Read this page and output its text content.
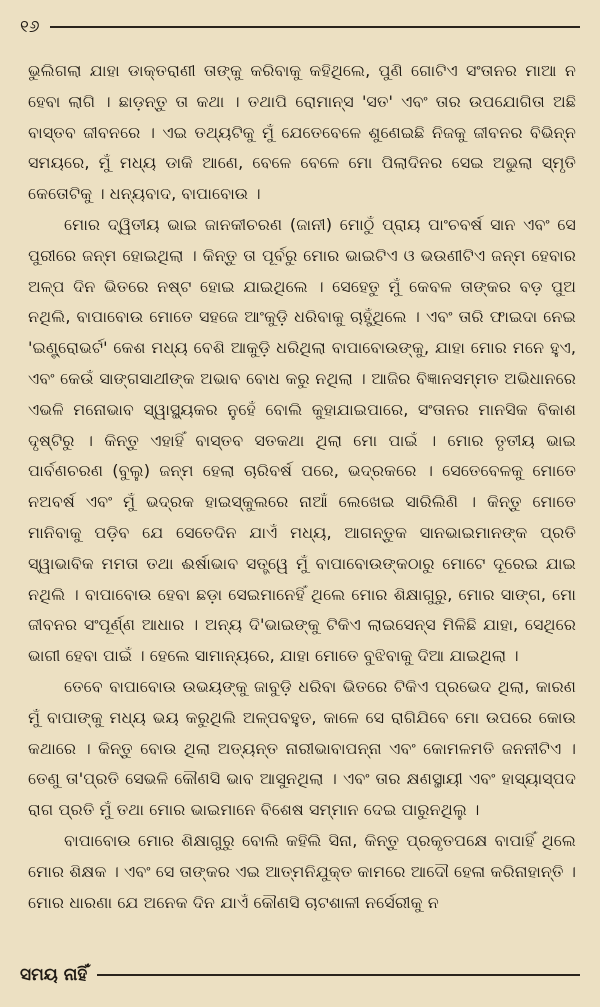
୧୬

ଭୁଲିଗଲା ଯାହା ଡାକ୍ତରାଣୀ ତାଙ୍କୁ କରିବାକୁ କହିଥିଲେ, ପୁଣି ଗୋଟିଏ ସଂତାନର ମାଆ ନ ହେବା ଲାଗି । ଛାଡ଼ନ୍ତୁ ତା କଥା । ତଥାପି ରୋମାନ୍ସ 'ସତ' ଏବଂ ତାର ଉପଯୋଗିତା ଅଛି ବାସ୍ତବ ଜୀବନରେ । ଏଇ ତଥ୍ୟଟିକୁ ମୁଁ ଯେତେବେଳେ ଶୁଣେଇଛି ନିଜକୁ ଜୀବନର ବିଭିନ୍ନ ସମୟରେ, ମୁଁ ମଧ୍ୟ ଡାକି ଆଣେ, ବେଳେ ବେଳେ ମୋ ପିଲାଦିନର ସେଇ ଅଭୁଲା ସ୍ମୃତି କେତୋଟିକୁ । ଧନ୍ୟବାଦ, ବାପାବୋଉ ।

ମୋର ଦ୍ୱିତୀୟ ଭାଇ ଜାନକୀଚରଣ (ଜାନୀ) ମୋଠୁଁ ପ୍ରାୟ ପାଂଚବର୍ଷ ସାନ ଏବଂ ସେ ପୁରୀରେ ଜନ୍ମ ହୋଇଥିଲା । କିନ୍ତୁ ତା ପୂର୍ବରୁ ମୋର ଭାଇଟିଏ ଓ ଭଉଣୀଟିଏ ଜନ୍ମ ହେବାର ଅଳ୍ପ ଦିନ ଭିତରେ ନଷ୍ଟ ହୋଇ ଯାଇଥିଲେ । ସେହେତୁ ମୁଁ କେବଳ ତାଙ୍କର ବଡ଼ ପୁଅ ନଥିଲି, ବାପାବୋଉ ମୋତେ ସହଜେ ଆଂକୁଡ଼ି ଧରିବାକୁ ଚାହୁଁଥିଲେ । ଏବଂ ତାରି ଫାଇଦା ନେଇ 'ଇଣ୍ଟ୍ରୋଭର୍ଟ' କେଶ ମଧ୍ୟ ବେଶି ଆକୁଡ଼ି ଧରିଥିଲା ବାପାବୋଉଙ୍କୁ, ଯାହା ମୋର ମନେ ହୁଏ, ଏବଂ କେଉଁ ସାଙ୍ଗସାଥୀଙ୍କ ଅଭାବ ବୋଧ କରୁ ନଥିଲା । ଆଜିର ବିଜ୍ଞାନସମ୍ମତ ଅଭିଧାନରେ ଏଭଳି ମନୋଭାବ ସ୍ୱାସ୍ଥ୍ୟକର ନୁହେଁ ବୋଲି କୁହାଯାଇପାରେ, ସଂତାନର ମାନସିକ ବିକାଶ ଦୃଷ୍ଟିରୁ । କିନ୍ତୁ ଏହାହିଁ ବାସ୍ତବ ସତକଥା ଥିଲା ମୋ ପାଇଁ । ମୋର ତୃତୀୟ ଭାଇ ପାର୍ବଣଚରଣ (ବୁଲୁ) ଜନ୍ମ ହେଲା ଚାରିବର୍ଷ ପରେ, ଭଦ୍ରକରେ । ସେତେବେଳକୁ ମୋତେ ନଅବର୍ଷ ଏବଂ ମୁଁ ଭଦ୍ରକ ହାଇସ୍କୁଲରେ ନାଆଁ ଲେଖେଇ ସାରିଲିଣି । କିନ୍ତୁ ମୋତେ ମାନିବାକୁ ପଡ଼ିବ ଯେ ସେତେଦିନ ଯାଏଁ ମଧ୍ୟ, ଆଗନ୍ତୁକ ସାନଭାଇମାନଙ୍କ ପ୍ରତି ସ୍ୱାଭାବିକ ମମତା ତଥା ଈର୍ଷାଭାବ ସତ୍ତ୍ୱେ ମୁଁ ବାପାବୋଉଙ୍କଠାରୁ ମୋଟେ ଦୂରେଇ ଯାଇ ନଥିଲି । ବାପାବୋଉ ହେବା ଛଡ଼ା ସେଇମାନେହିଁ ଥିଲେ ମୋର ଶିକ୍ଷାଗୁରୁ, ମୋର ସାଙ୍ଗ, ମୋ ଜୀବନର ସଂପୂର୍ଣ୍ଣ ଆଧାର । ଅନ୍ୟ ଦି'ଭାଇଙ୍କୁ ଟିକିଏ ଲାଇସେନ୍ସ ମିଳିଛି ଯାହା, ସେଥିରେ ଭାଗୀ ହେବା ପାଇଁ । ହେଲେ ସାମାନ୍ୟରେ, ଯାହା ମୋତେ ବୁଝିବାକୁ ଦିଆ ଯାଇଥିଲା ।

ତେବେ ବାପାବୋଉ ଉଭୟଙ୍କୁ ଜାବୁଡ଼ି ଧରିବା ଭିତରେ ଟିକିଏ ପ୍ରଭେଦ ଥିଲା, କାରଣ ମୁଁ ବାପାଙ୍କୁ ମଧ୍ୟ ଭୟ କରୁଥିଲି ଅଳ୍ପବହୁତ, କାଳେ ସେ ରାଗିଯିବେ ମୋ ଉପରେ କୋଉ କଥାରେ । କିନ୍ତୁ ବୋଉ ଥିଲା ଅତ୍ୟନ୍ତ ନାରୀଭାବାପନ୍ନା ଏବଂ କୋମଳମତି ଜନନୀଟିଏ । ତେଣୁ ତା'ପ୍ରତି ସେଭଳି କୌଣସି ଭାବ ଆସୁନଥିଲା । ଏବଂ ତାର କ୍ଷଣସ୍ଥାୟୀ ଏବଂ ହାସ୍ୟାସ୍ପଦ ରାଗ ପ୍ରତି ମୁଁ ତଥା ମୋର ଭାଇମାନେ ବିଶେଷ ସମ୍ମାନ ଦେଇ ପାରୁନଥିଲୁ ।

ବାପାବୋଉ ମୋର ଶିକ୍ଷାଗୁରୁ ବୋଲି କହିଲି ସିନା, କିନ୍ତୁ ପ୍ରକୃତପକ୍ଷେ ବାପାହିଁ ଥିଲେ ମୋର ଶିକ୍ଷକ । ଏବଂ ସେ ତାଙ୍କର ଏଇ ଆତ୍ମନିଯୁକ୍ତ କାମରେ ଆଦୌ ହେଳା କରିନାହାନ୍ତି । ମୋର ଧାରଣା ଯେ ଅନେକ ଦିନ ଯାଏଁ କୌଣସି ଚାଟଶାଳୀ ନର୍ସେରୀକୁ ନ

ସମୟ ନାହିଁ
